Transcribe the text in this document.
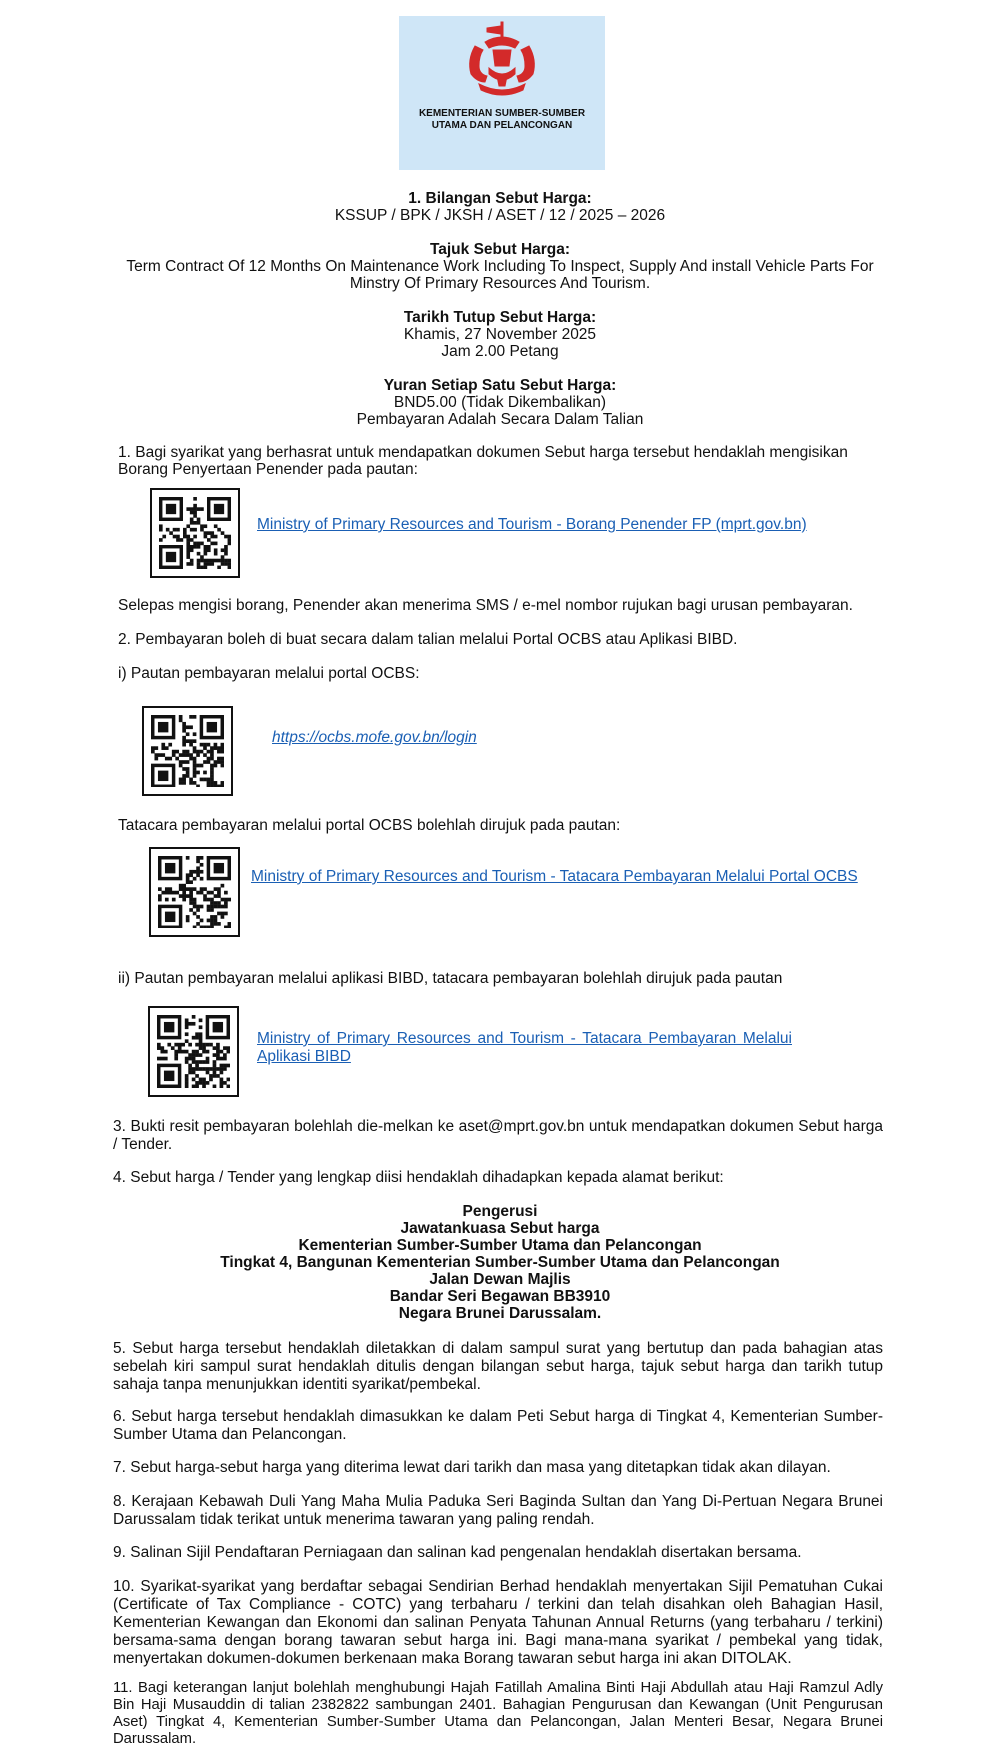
KEMENTERIAN SUMBER-SUMBER UTAMA DAN PELANCONGAN
1. Bilangan Sebut Harga:
KSSUP / BPK / JKSH / ASET / 12 / 2025 – 2026
Tajuk Sebut Harga:
Term Contract Of 12 Months On Maintenance Work Including To Inspect, Supply And install Vehicle Parts For
Minstry Of Primary Resources And Tourism.
Tarikh Tutup Sebut Harga:
Khamis, 27 November 2025
Jam 2.00 Petang
Yuran Setiap Satu Sebut Harga:
BND5.00 (Tidak Dikembalikan)
Pembayaran Adalah Secara Dalam Talian
1. Bagi syarikat yang berhasrat untuk mendapatkan dokumen Sebut harga tersebut hendaklah mengisikan
Borang Penyertaan Penender pada pautan:
Ministry of Primary Resources and Tourism - Borang Penender FP (mprt.gov.bn)
Selepas mengisi borang, Penender akan menerima SMS / e-mel nombor rujukan bagi urusan pembayaran.
2. Pembayaran boleh di buat secara dalam talian melalui Portal OCBS atau Aplikasi BIBD.
i) Pautan pembayaran melalui portal OCBS:
https://ocbs.mofe.gov.bn/login
Tatacara pembayaran melalui portal OCBS bolehlah dirujuk pada pautan:
Ministry of Primary Resources and Tourism - Tatacara Pembayaran Melalui Portal OCBS
ii) Pautan pembayaran melalui aplikasi BIBD, tatacara pembayaran bolehlah dirujuk pada pautan
Ministry of Primary Resources and Tourism - Tatacara Pembayaran Melalui Aplikasi BIBD
3. Bukti resit pembayaran bolehlah die-melkan ke aset@mprt.gov.bn untuk mendapatkan dokumen Sebut harga / Tender.
4. Sebut harga / Tender yang lengkap diisi hendaklah dihadapkan kepada alamat berikut:
Pengerusi
Jawatankuasa Sebut harga
Kementerian Sumber-Sumber Utama dan Pelancongan
Tingkat 4, Bangunan Kementerian Sumber-Sumber Utama dan Pelancongan
Jalan Dewan Majlis
Bandar Seri Begawan BB3910
Negara Brunei Darussalam.
5. Sebut harga tersebut hendaklah diletakkan di dalam sampul surat yang bertutup dan pada bahagian atas sebelah kiri sampul surat hendaklah ditulis dengan bilangan sebut harga, tajuk sebut harga dan tarikh tutup sahaja tanpa menunjukkan identiti syarikat/pembekal.
6. Sebut harga tersebut hendaklah dimasukkan ke dalam Peti Sebut harga di Tingkat 4, Kementerian Sumber-Sumber Utama dan Pelancongan.
7. Sebut harga-sebut harga yang diterima lewat dari tarikh dan masa yang ditetapkan tidak akan dilayan.
8. Kerajaan Kebawah Duli Yang Maha Mulia Paduka Seri Baginda Sultan dan Yang Di-Pertuan Negara Brunei Darussalam tidak terikat untuk menerima tawaran yang paling rendah.
9. Salinan Sijil Pendaftaran Perniagaan dan salinan kad pengenalan hendaklah disertakan bersama.
10. Syarikat-syarikat yang berdaftar sebagai Sendirian Berhad hendaklah menyertakan Sijil Pematuhan Cukai (Certificate of Tax Compliance - COTC) yang terbaharu / terkini dan telah disahkan oleh Bahagian Hasil, Kementerian Kewangan dan Ekonomi dan salinan Penyata Tahunan Annual Returns (yang terbaharu / terkini) bersama-sama dengan borang tawaran sebut harga ini. Bagi mana-mana syarikat / pembekal yang tidak, menyertakan dokumen-dokumen berkenaan maka Borang tawaran sebut harga ini akan DITOLAK.
11. Bagi keterangan lanjut bolehlah menghubungi Hajah Fatillah Amalina Binti Haji Abdullah atau Haji Ramzul Adly Bin Haji Musauddin di talian 2382822 sambungan 2401. Bahagian Pengurusan dan Kewangan (Unit Pengurusan Aset) Tingkat 4, Kementerian Sumber-Sumber Utama dan Pelancongan, Jalan Menteri Besar, Negara Brunei Darussalam.
